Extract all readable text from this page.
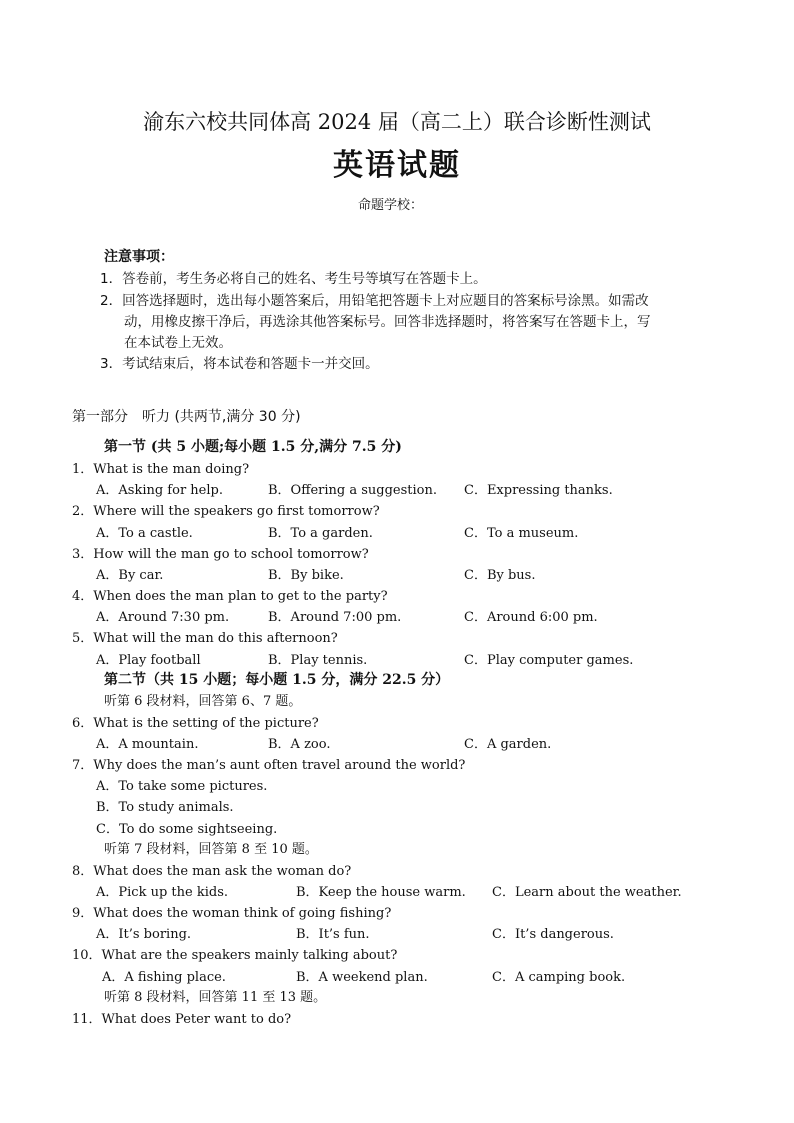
渝东六校共同体高 2024 届（高二上）联合诊断性测试
英语试题
命题学校：
注意事项：
1．答卷前，考生务必将自己的姓名、考生号等填写在答题卡上。
2．回答选择题时，选出每小题答案后，用铅笔把答题卡上对应题目的答案标号涂黑。如需改
动，用橡皮擦干净后，再选涂其他答案标号。回答非选择题时，将答案写在答题卡上，写
在本试卷上无效。
3．考试结束后，将本试卷和答题卡一并交回。
第一部分　听力 (共两节,满分 30 分)
第一节 (共 5 小题;每小题 1.5 分,满分 7.5 分)
1．What is the man doing?
A．Asking for help.	B．Offering a suggestion. C．Expressing thanks.
2．Where will the speakers go first tomorrow?
A．To a castle.	B．To a garden.	C．To a museum.
3．How will the man go to school tomorrow?
A．By car.	B．By bike.	C．By bus.
4．When does the man plan to get to the party?
A．Around 7:30 pm.	B．Around 7:00 pm.	C．Around 6:00 pm.
5．What will the man do this afternoon?
A．Play football	B．Play tennis.	C．Play computer games.
第二节（共 15 小题；每小题 1.5 分，满分 22.5 分）
听第 6 段材料，回答第 6、7 题。
6．What is the setting of the picture?
A．A mountain.	B．A zoo.	C．A garden.
7．Why does the man’s aunt often travel around the world?
A．To take some pictures.
B．To study animals.
C．To do some sightseeing.
听第 7 段材料，回答第 8 至 10 题。
8．What does the man ask the woman do?
A．Pick up the kids.	B．Keep the house warm. C．Learn about the weather.
9．What does the woman think of going fishing?
A．It’s boring.	B．It’s fun.	C．It’s dangerous.
10．What are the speakers mainly talking about?
A．A fishing place.	B．A weekend plan.	C．A camping book.
听第 8 段材料，回答第 11 至 13 题。
11．What does Peter want to do?
